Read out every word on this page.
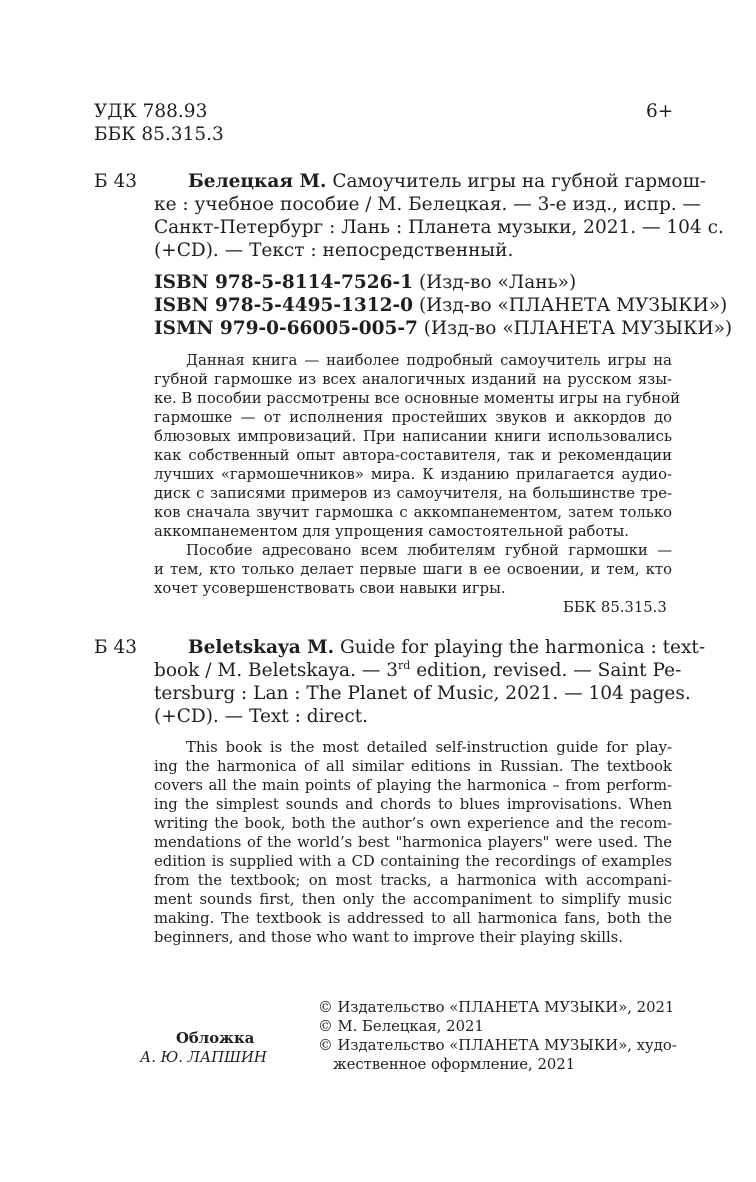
УДК 788.93
ББК 85.315.3
6+
Б 43	Белецкая М. Самоучитель игры на губной гармош-
ке : учебное пособие / М. Белецкая. — 3-е изд., испр. —
Санкт-Петербург : Лань : Планета музыки, 2021. — 104 с.
(+CD). — Текст : непосредственный.
ISBN 978-5-8114-7526-1 (Изд-во «Лань»)
ISBN 978-5-4495-1312-0 (Изд-во «ПЛАНЕТА МУЗЫКИ»)
ISMN 979-0-66005-005-7 (Изд-во «ПЛАНЕТА МУЗЫКИ»)
Данная книга — наиболее подробный самоучитель игры на
губной гармошке из всех аналогичных изданий на русском язы-
ке. В пособии рассмотрены все основные моменты игры на губной
гармошке — от исполнения простейших звуков и аккордов до
блюзовых импровизаций. При написании книги использовались
как собственный опыт автора-составителя, так и рекомендации
лучших «гармошечников» мира. К изданию прилагается аудио-
диск с записями примеров из самоучителя, на большинстве тре-
ков сначала звучит гармошка с аккомпанементом, затем только
аккомпанементом для упрощения самостоятельной работы.
Пособие адресовано всем любителям губной гармошки —
и тем, кто только делает первые шаги в ее освоении, и тем, кто
хочет усовершенствовать свои навыки игры.
ББК 85.315.3
Б 43	Beletskaya M. Guide for playing the harmonica : text-
book / M. Beletskaya. — 3rd edition, revised. — Saint Pe-
tersburg : Lan : The Planet of Music, 2021. — 104 pages.
(+CD). — Text : direct.
This book is the most detailed self-instruction guide for play-
ing the harmonica of all similar editions in Russian. The textbook
covers all the main points of playing the harmonica – from perform-
ing the simplest sounds and chords to blues improvisations. When
writing the book, both the author’s own experience and the recom-
mendations of the world’s best "harmonica players" were used. The
edition is supplied with a CD containing the recordings of examples
from the textbook; on most tracks, a harmonica with accompani-
ment sounds first, then only the accompaniment to simplify music
making. The textbook is addressed to all harmonica fans, both the
beginners, and those who want to improve their playing skills.
Обложка
А. Ю. ЛАПШИН
© Издательство «ПЛАНЕТА МУЗЫКИ», 2021
© М. Белецкая, 2021
© Издательство «ПЛАНЕТА МУЗЫКИ», худо-
жественное оформление, 2021
